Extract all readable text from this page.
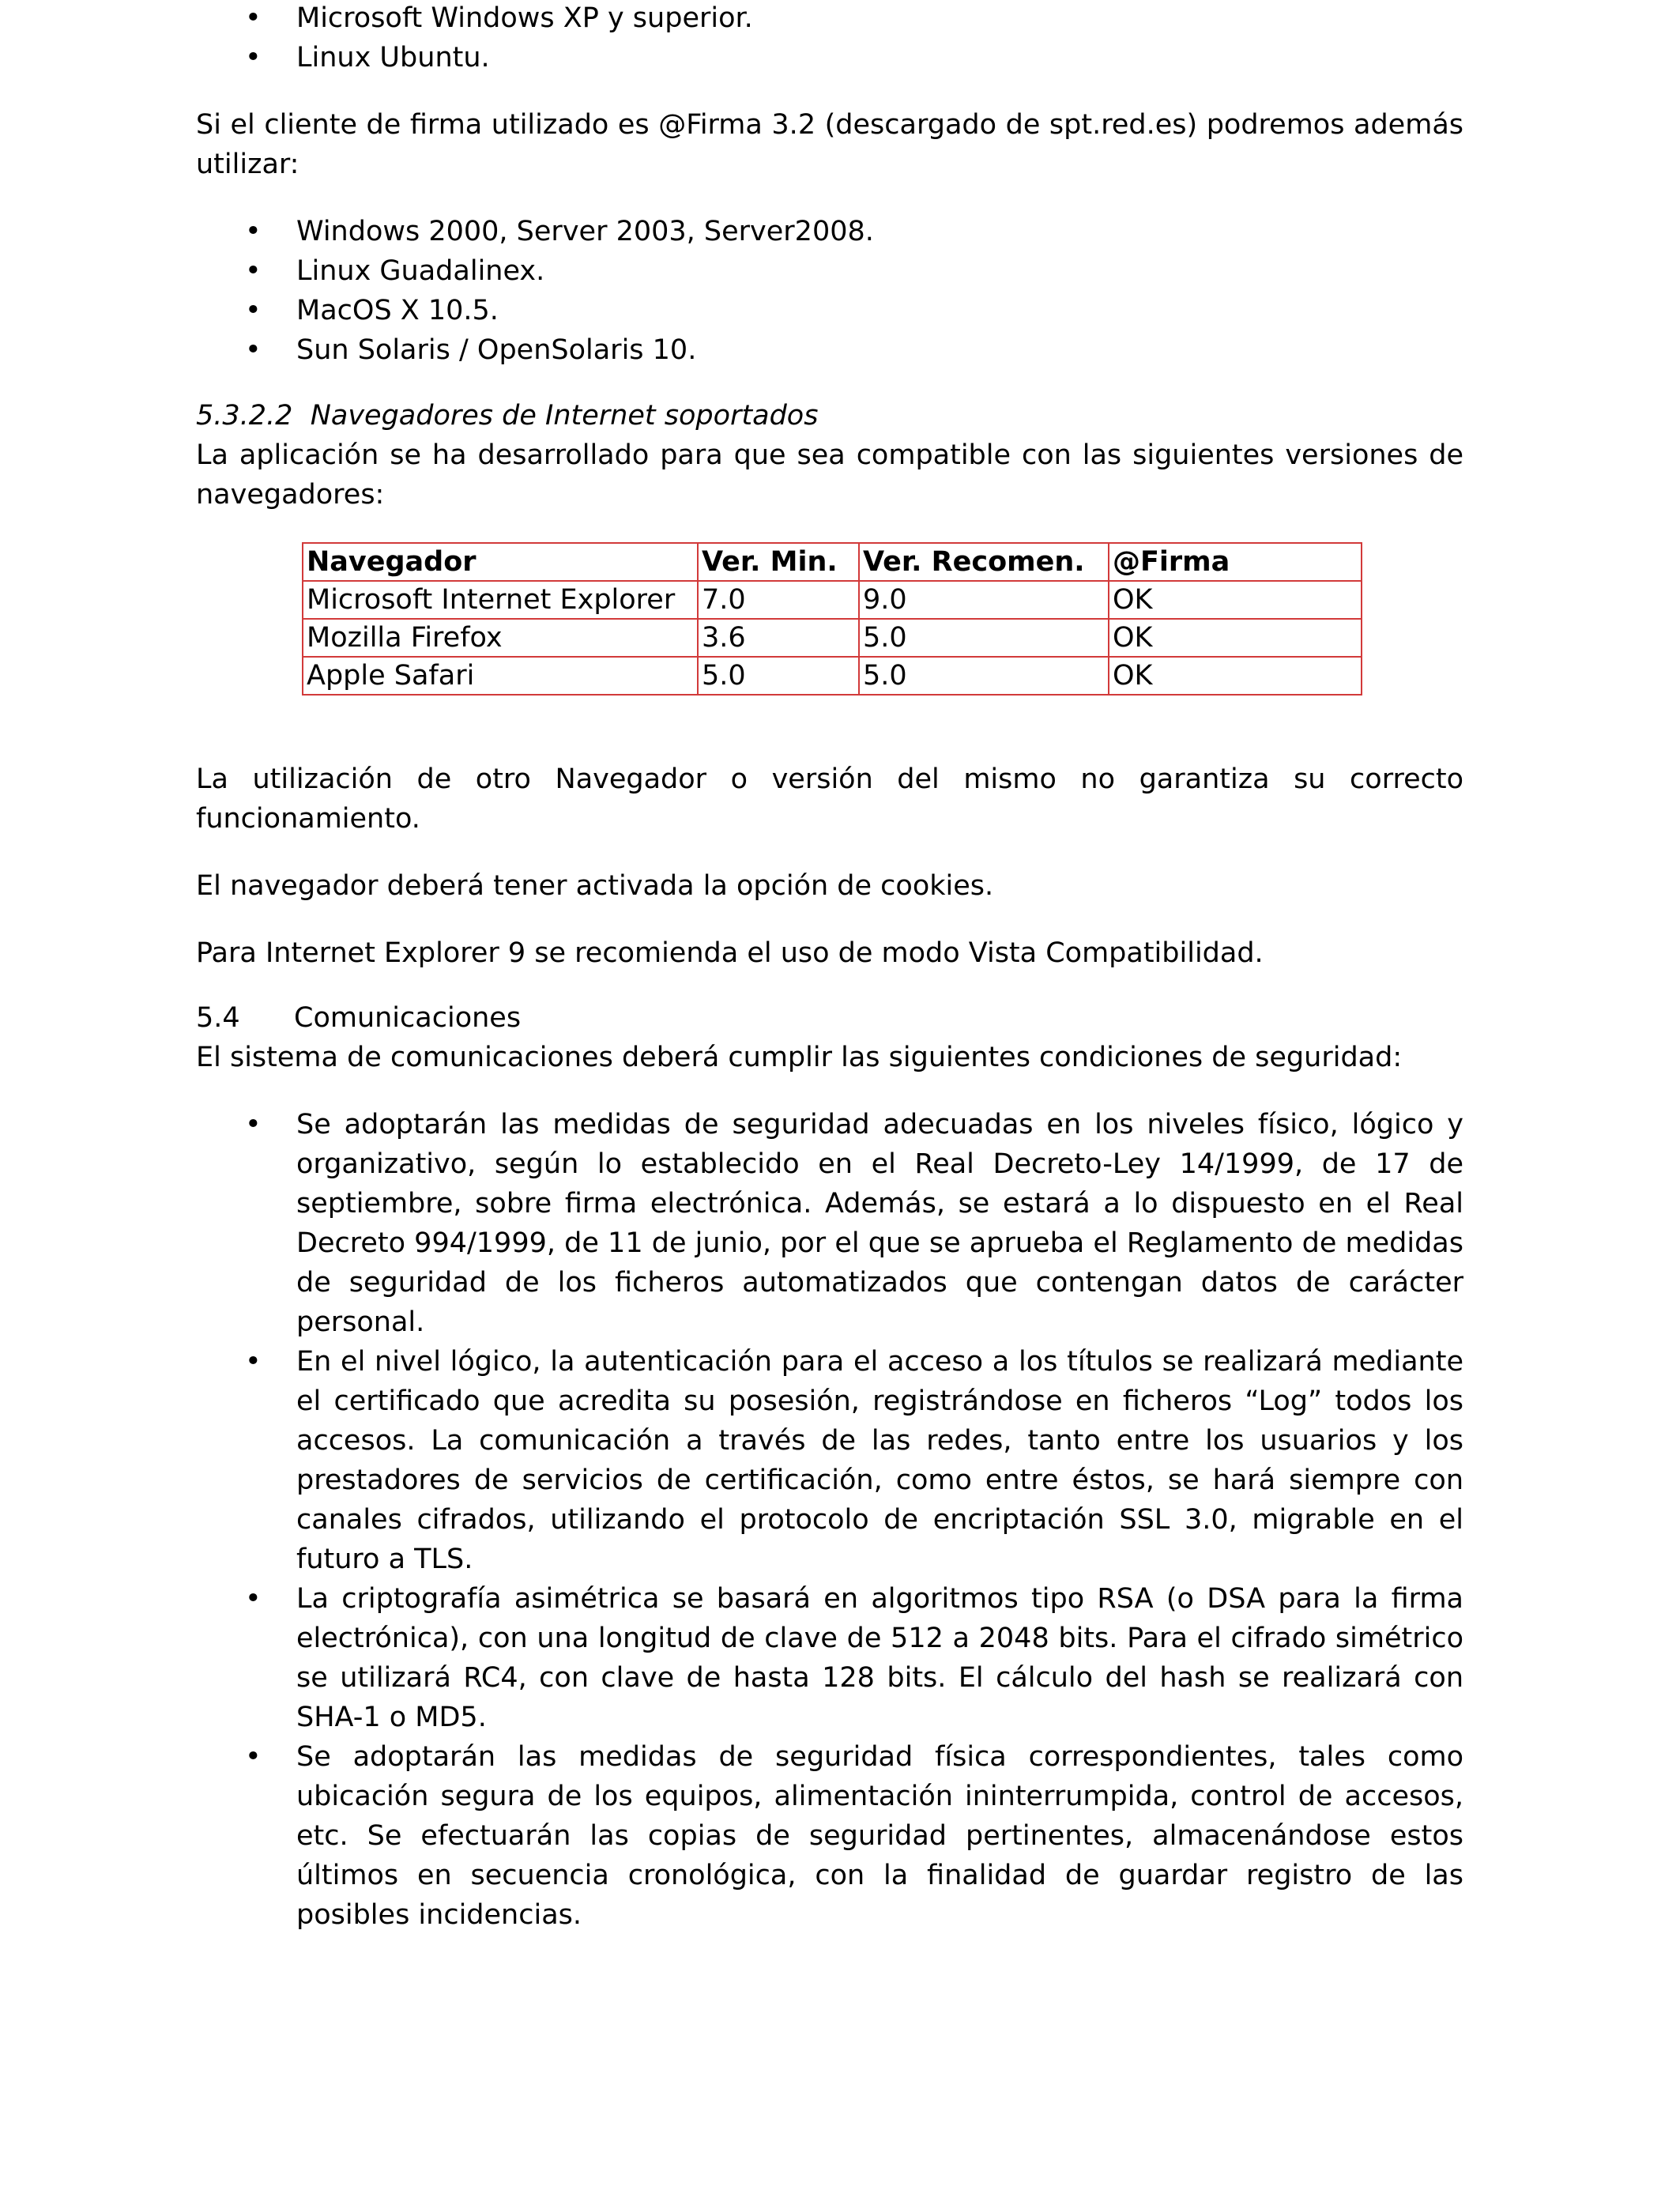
• Microsoft Windows XP y superior.
• Linux Ubuntu.

Si el cliente de firma utilizado es @Firma 3.2 (descargado de spt.red.es) podremos además utilizar:

• Windows 2000, Server 2003, Server2008.
• Linux Guadalinex.
• MacOS X 10.5.
• Sun Solaris / OpenSolaris 10.

5.3.2.2  Navegadores de Internet soportados

La aplicación se ha desarrollado para que sea compatible con las siguientes versiones de navegadores:

Navegador	Ver. Min.	Ver. Recomen.	@Firma
Microsoft Internet Explorer	7.0	9.0	OK
Mozilla Firefox	3.6	5.0	OK
Apple Safari	5.0	5.0	OK

La utilización de otro Navegador o versión del mismo no garantiza su correcto funcionamiento.

El navegador deberá tener activada la opción de cookies.

Para Internet Explorer 9 se recomienda el uso de modo Vista Compatibilidad.

5.4 Comunicaciones

El sistema de comunicaciones deberá cumplir las siguientes condiciones de seguridad:

• Se adoptarán las medidas de seguridad adecuadas en los niveles físico, lógico y organizativo, según lo establecido en el Real Decreto-Ley 14/1999, de 17 de septiembre, sobre firma electrónica. Además, se estará a lo dispuesto en el Real Decreto 994/1999, de 11 de junio, por el que se aprueba el Reglamento de medidas de seguridad de los ficheros automatizados que contengan datos de carácter personal.
• En el nivel lógico, la autenticación para el acceso a los títulos se realizará mediante el certificado que acredita su posesión, registrándose en ficheros “Log” todos los accesos. La comunicación a través de las redes, tanto entre los usuarios y los prestadores de servicios de certificación, como entre éstos, se hará siempre con canales cifrados, utilizando el protocolo de encriptación SSL 3.0, migrable en el futuro a TLS.
• La criptografía asimétrica se basará en algoritmos tipo RSA (o DSA para la firma electrónica), con una longitud de clave de 512 a 2048 bits. Para el cifrado simétrico se utilizará RC4, con clave de hasta 128 bits. El cálculo del hash se realizará con SHA-1 o MD5.
• Se adoptarán las medidas de seguridad física correspondientes, tales como ubicación segura de los equipos, alimentación ininterrumpida, control de accesos, etc. Se efectuarán las copias de seguridad pertinentes, almacenándose estos últimos en secuencia cronológica, con la finalidad de guardar registro de las posibles incidencias.
